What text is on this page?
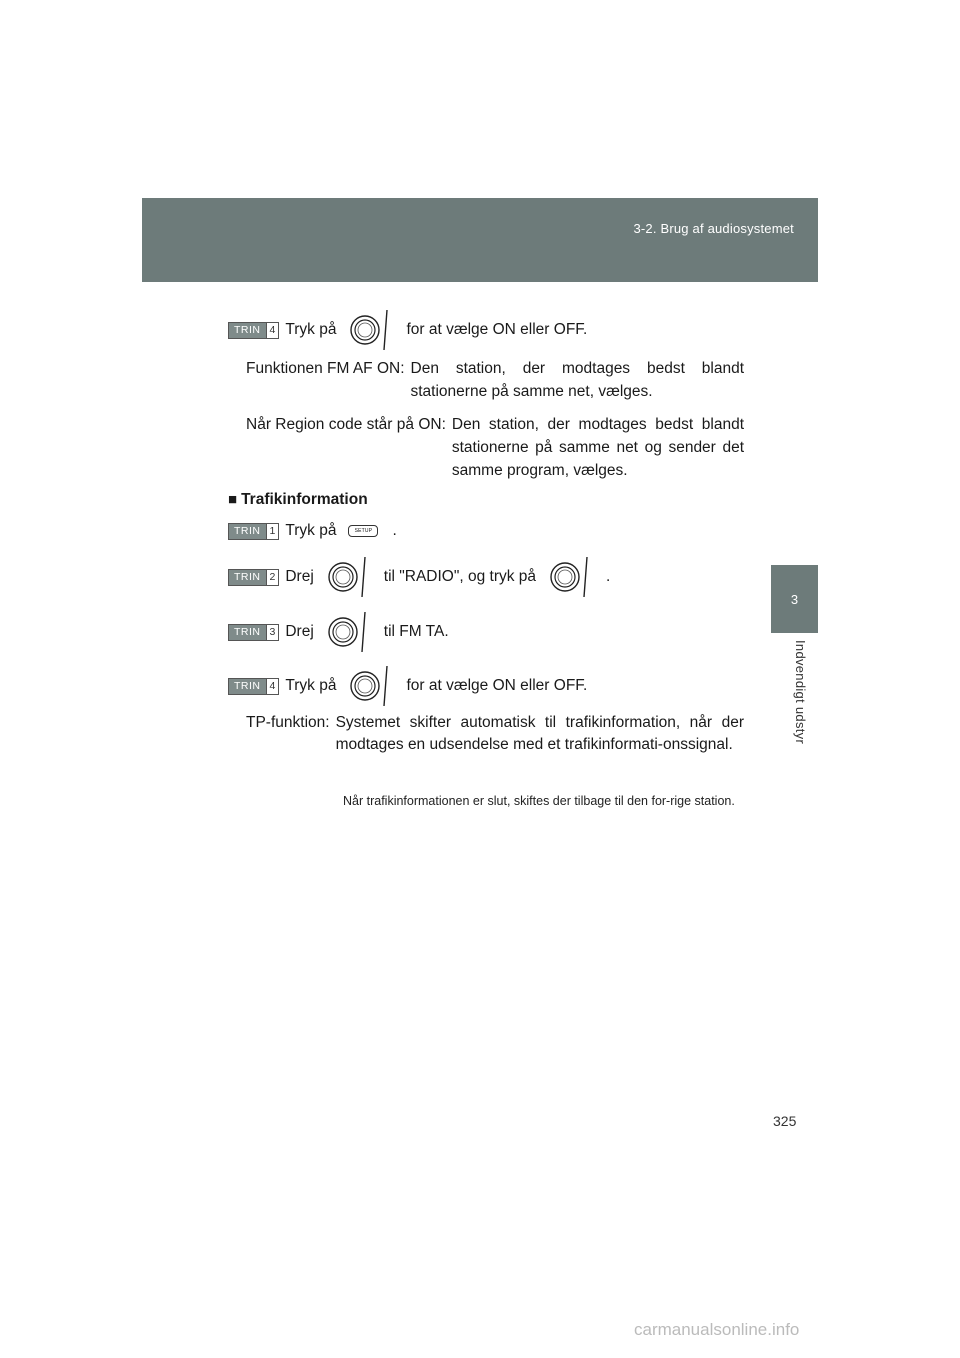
3-2. Brug af audiosystemet
3
Indvendigt udstyr
TRIN 4 Tryk på	for at vælge ON eller OFF.
Funktionen FM AF ON: Den station, der modtages bedst blandt stationerne på samme net, vælges.
Når Region code står på ON: Den station, der modtages bedst blandt stationerne på samme net og sender det samme program, vælges.
■ Trafikinformation
TRIN 1 Tryk på	SETUP	.
TRIN 2 Drej	til "RADIO", og tryk på	.
TRIN 3 Drej	til FM TA.
TRIN 4 Tryk på	for at vælge ON eller OFF.
TP-funktion: Systemet skifter automatisk til trafikinformation, når der modtages en udsendelse med et trafikinformati-onssignal.
Når trafikinformationen er slut, skiftes der tilbage til den for-rige station.
325
carmanualsonline.info
